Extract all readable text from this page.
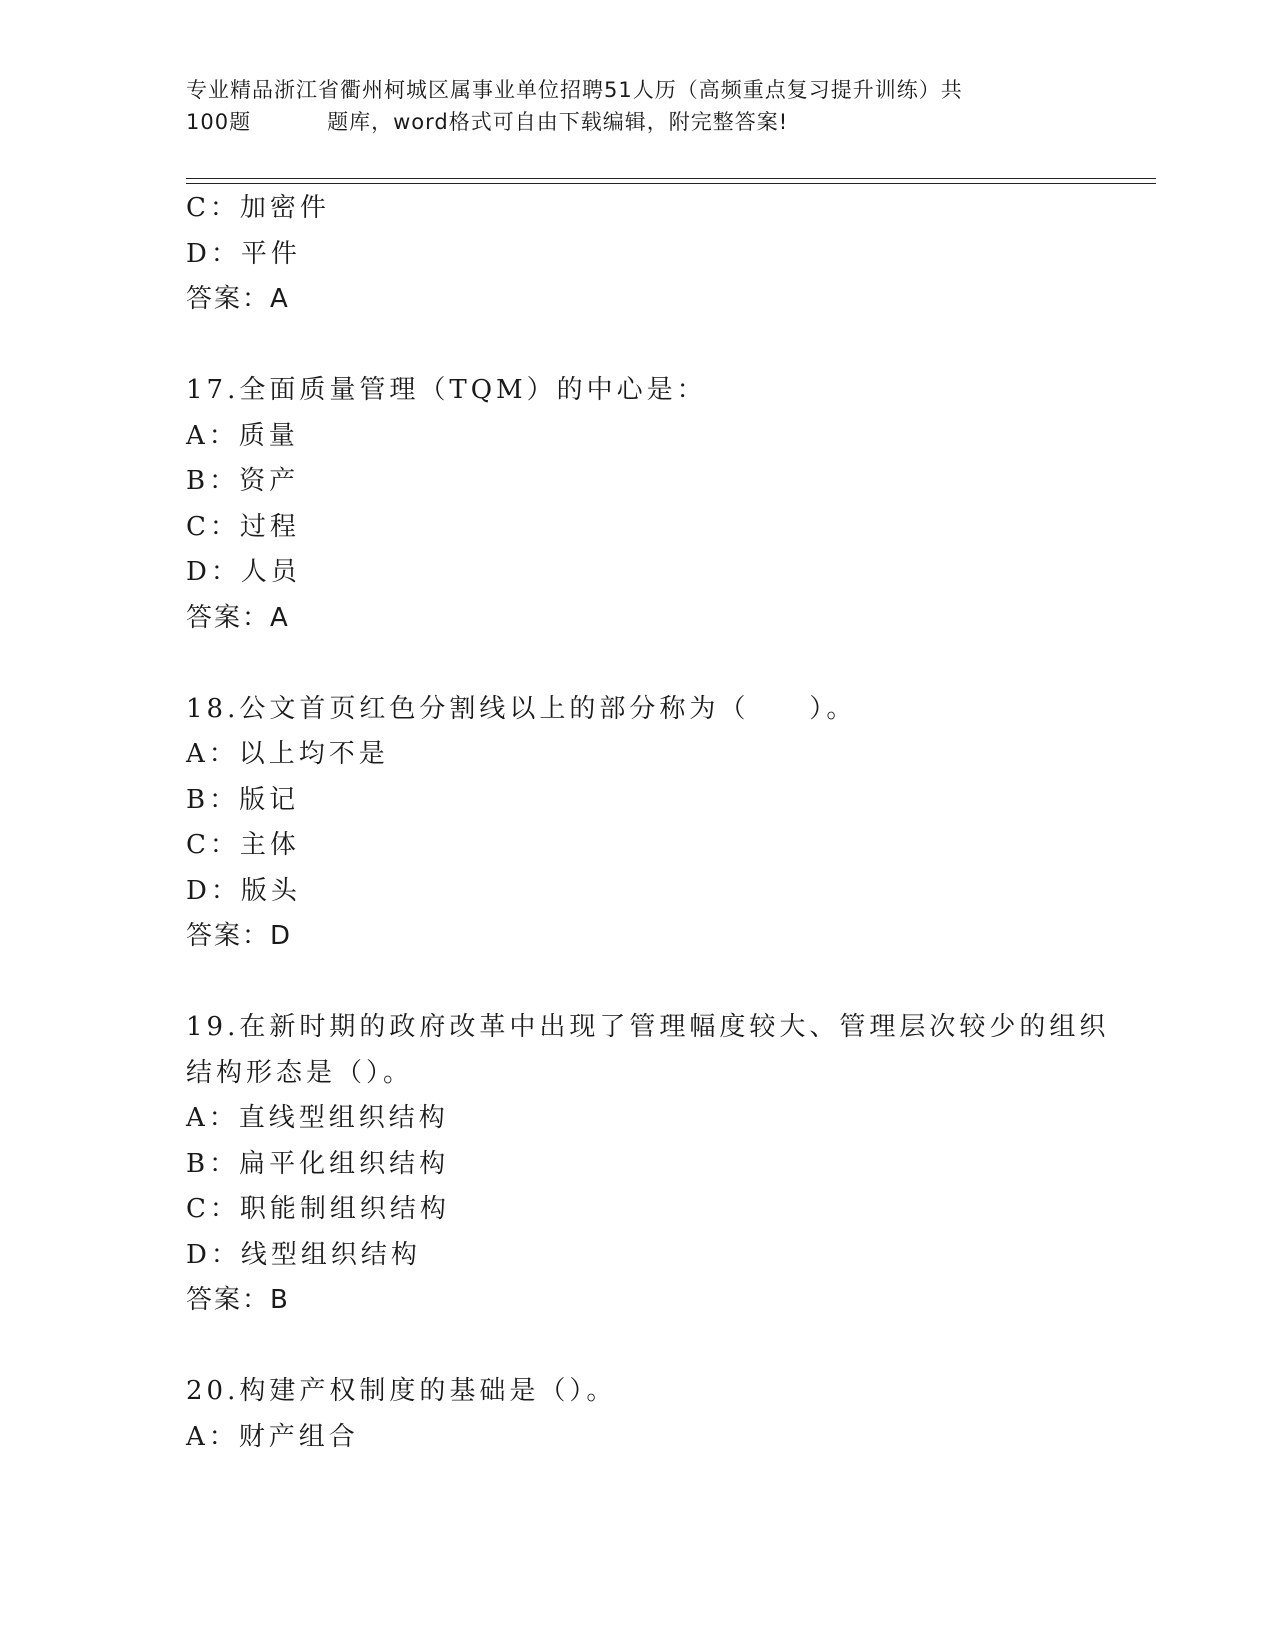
专业精品浙江省衢州柯城区属事业单位招聘51人历（高频重点复习提升训练）共
100题	题库，word格式可自由下载编辑，附完整答案!
C：加密件
D：平件
答案：A
17.全面质量管理（TQM）的中心是：
A：质量
B：资产
C：过程
D：人员
答案：A
18.公文首页红色分割线以上的部分称为（　　）。
A：以上均不是
B：版记
C：主体
D：版头
答案：D
19.在新时期的政府改革中出现了管理幅度较大、管理层次较少的组织
结构形态是（）。
A：直线型组织结构
B：扁平化组织结构
C：职能制组织结构
D：线型组织结构
答案：B
20.构建产权制度的基础是（）。
A：财产组合
